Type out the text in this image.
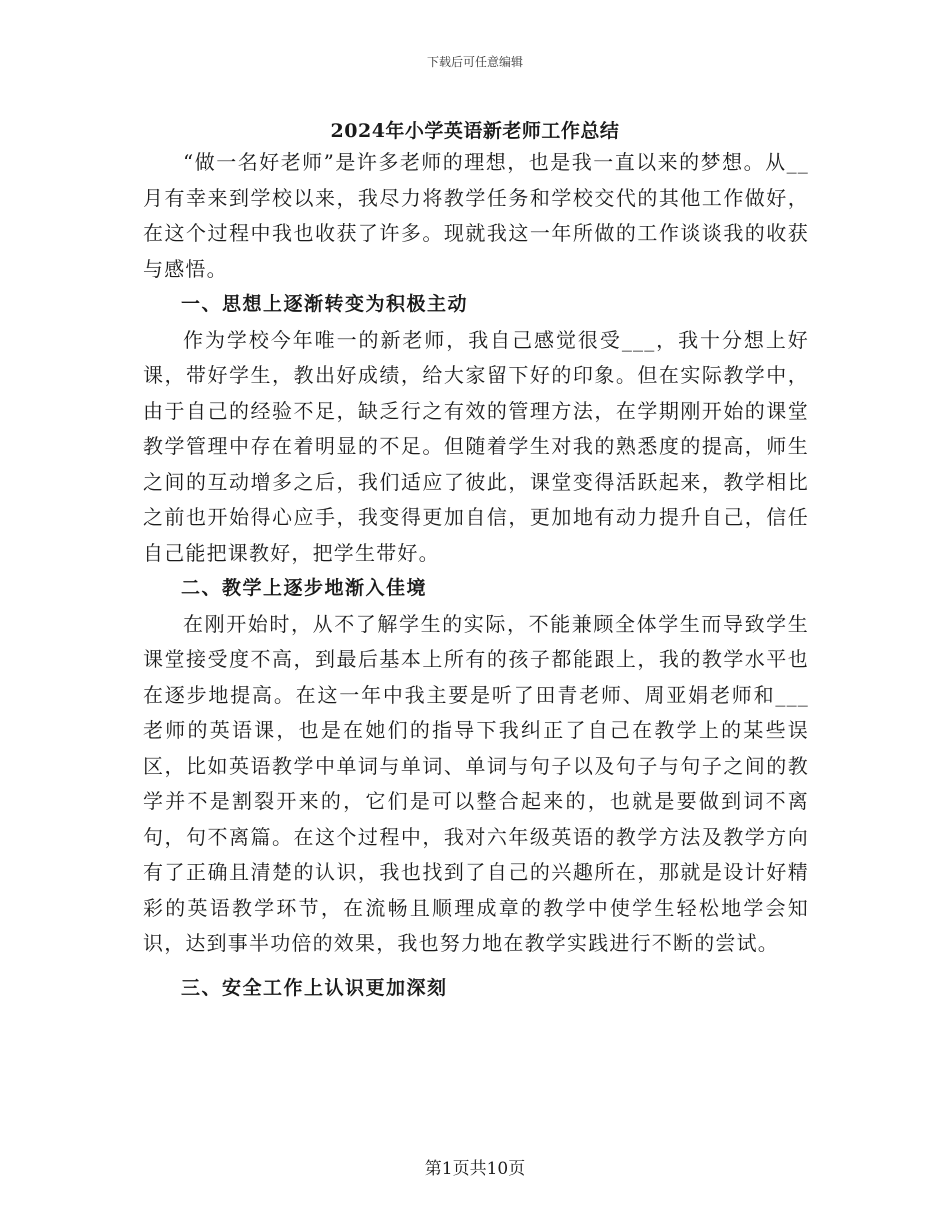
下载后可任意编辑
2024年小学英语新老师工作总结

“做一名好老师”是许多老师的理想，也是我一直以来的梦想。从__月有幸来到学校以来，我尽力将教学任务和学校交代的其他工作做好，在这个过程中我也收获了许多。现就我这一年所做的工作谈谈我的收获与感悟。

一、思想上逐渐转变为积极主动

作为学校今年唯一的新老师，我自己感觉很受___，我十分想上好课，带好学生，教出好成绩，给大家留下好的印象。但在实际教学中，由于自己的经验不足，缺乏行之有效的管理方法，在学期刚开始的课堂教学管理中存在着明显的不足。但随着学生对我的熟悉度的提高，师生之间的互动增多之后，我们适应了彼此，课堂变得活跃起来，教学相比之前也开始得心应手，我变得更加自信，更加地有动力提升自己，信任自己能把课教好，把学生带好。

二、教学上逐步地渐入佳境

在刚开始时，从不了解学生的实际，不能兼顾全体学生而导致学生课堂接受度不高，到最后基本上所有的孩子都能跟上，我的教学水平也在逐步地提高。在这一年中我主要是听了田青老师、周亚娟老师和___老师的英语课，也是在她们的指导下我纠正了自己在教学上的某些误区，比如英语教学中单词与单词、单词与句子以及句子与句子之间的教学并不是割裂开来的，它们是可以整合起来的，也就是要做到词不离句，句不离篇。在这个过程中，我对六年级英语的教学方法及教学方向有了正确且清楚的认识，我也找到了自己的兴趣所在，那就是设计好精彩的英语教学环节，在流畅且顺理成章的教学中使学生轻松地学会知识，达到事半功倍的效果，我也努力地在教学实践进行不断的尝试。

三、安全工作上认识更加深刻

第1页共10页
